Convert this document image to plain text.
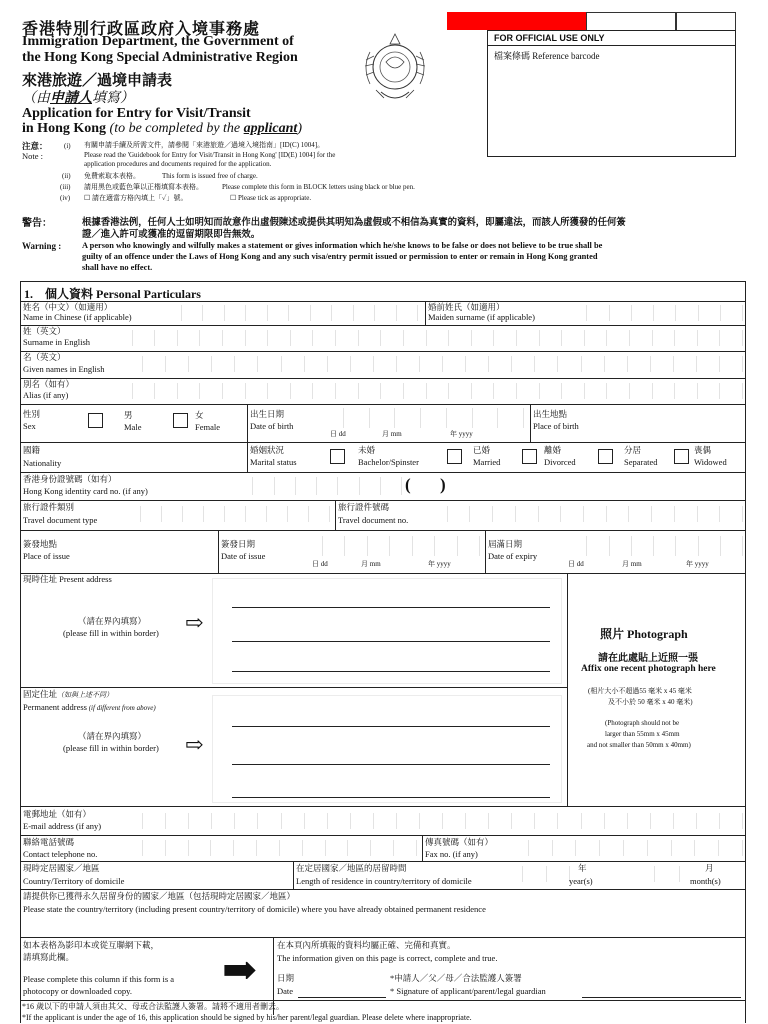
香港特別行政區政府入境事務處
Immigration Department, the Government of
the Hong Kong Special Administrative Region
來港旅遊／過境申請表
（由申請人填寫）
Application for Entry for Visit/Transit
in Hong Kong (to be completed by the applicant)
FOR OFFICIAL USE ONLY
檔案條碼 Reference barcode
注意：
Note :
(i) 有關申請手續及所需文件，請參閱「來港旅遊／過境入境指南」[ID(C) 1004]。
Please read the 'Guidebook for Entry for Visit/Transit in Hong Kong' [ID(E) 1004] for the
application procedures and documents required for the application.
(ii) 免費索取本表格。	This form is issued free of charge.
(iii) 請用黑色或藍色筆以正楷填寫本表格。	Please complete this form in BLOCK letters using black or blue pen.
(iv) ☐ 請在適當方格內填上「✓」號。	☐ Please tick as appropriate.
警告：	根據香港法例，任何人士如明知而故意作出虛假陳述或提供其明知為虛假或不相信為真實的資料，即屬違法，而該人所獲發的任何簽
證／進入許可或獲准的逗留期限即告無效。
Warning : A person who knowingly and wilfully makes a statement or gives information which he/she knows to be false or does not believe to be true shall be
guilty of an offence under the Laws of Hong Kong and any such visa/entry permit issued or permission to enter or remain in Hong Kong granted
shall have no effect.
1.　個人資料 Personal Particulars
姓名（中文）（如適用）
Name in Chinese (if applicable)
婚前姓氏（如適用）
Maiden surname (if applicable)
姓（英文）
Surname in English
名（英文）
Given names in English
別名（如有）
Alias (if any)
性別
Sex
男
Male
女
Female
出生日期
Date of birth
日 dd	月 mm	年 yyyy
出生地點
Place of birth
國籍
Nationality
婚姻狀況
Marital status
未婚
Bachelor/Spinster
已婚
Married
離婚
Divorced
分居
Separated
喪偶
Widowed
香港身份證號碼（如有）
Hong Kong identity card no. (if any)	( )
旅行證件類別
Travel document type
旅行證件號碼
Travel document no.
簽發地點
Place of issue
簽發日期
Date of issue
日 dd	月 mm	年 yyyy
屆滿日期
Date of expiry
日 dd	月 mm	年 yyyy
現時住址 Present address
（請在界內填寫）
(please fill in within border) ⇨	照片 Photograph
請在此處貼上近照一張
Affix one recent photograph here
(相片大小不超過55 毫米 x 45 毫米
及不小於 50 毫米 x 40 毫米)
(Photograph should not be
larger than 55mm x 45mm
and not smaller than 50mm x 40mm)
固定住址（如與上述不同）
Permanent address (if different from above)
（請在界內填寫）
(please fill in within border) ⇨
電郵地址（如有）
E-mail address (if any)
聯絡電話號碼
Contact telephone no.
傳真號碼（如有）
Fax no. (if any)
現時定居國家／地區
Country/Territory of domicile
在定居國家／地區的居留時間
Length of residence in country/territory of domicile
年
year(s)
月
month(s)
請提供你已獲得永久居留身份的國家／地區（包括現時定居國家／地區）
Please state the country/territory (including present country/territory of domicile) where you have already obtained permanent residence
如本表格為影印本或從互聯網下載，
請填寫此欄。
Please complete this column if this form is a
photocopy or downloaded copy. ➡
在本頁內所填報的資料均屬正確、完備和真實。
The information given on this page is correct, complete and true.
日期
Date
*申請人／父／母／合法監護人簽署
* Signature of applicant/parent/legal guardian
*16 歲以下的申請人須由其父、母或合法監護人簽署。請將不適用者刪去。
*If the applicant is under the age of 16, this application should be signed by his/her parent/legal guardian. Please delete where inappropriate.
